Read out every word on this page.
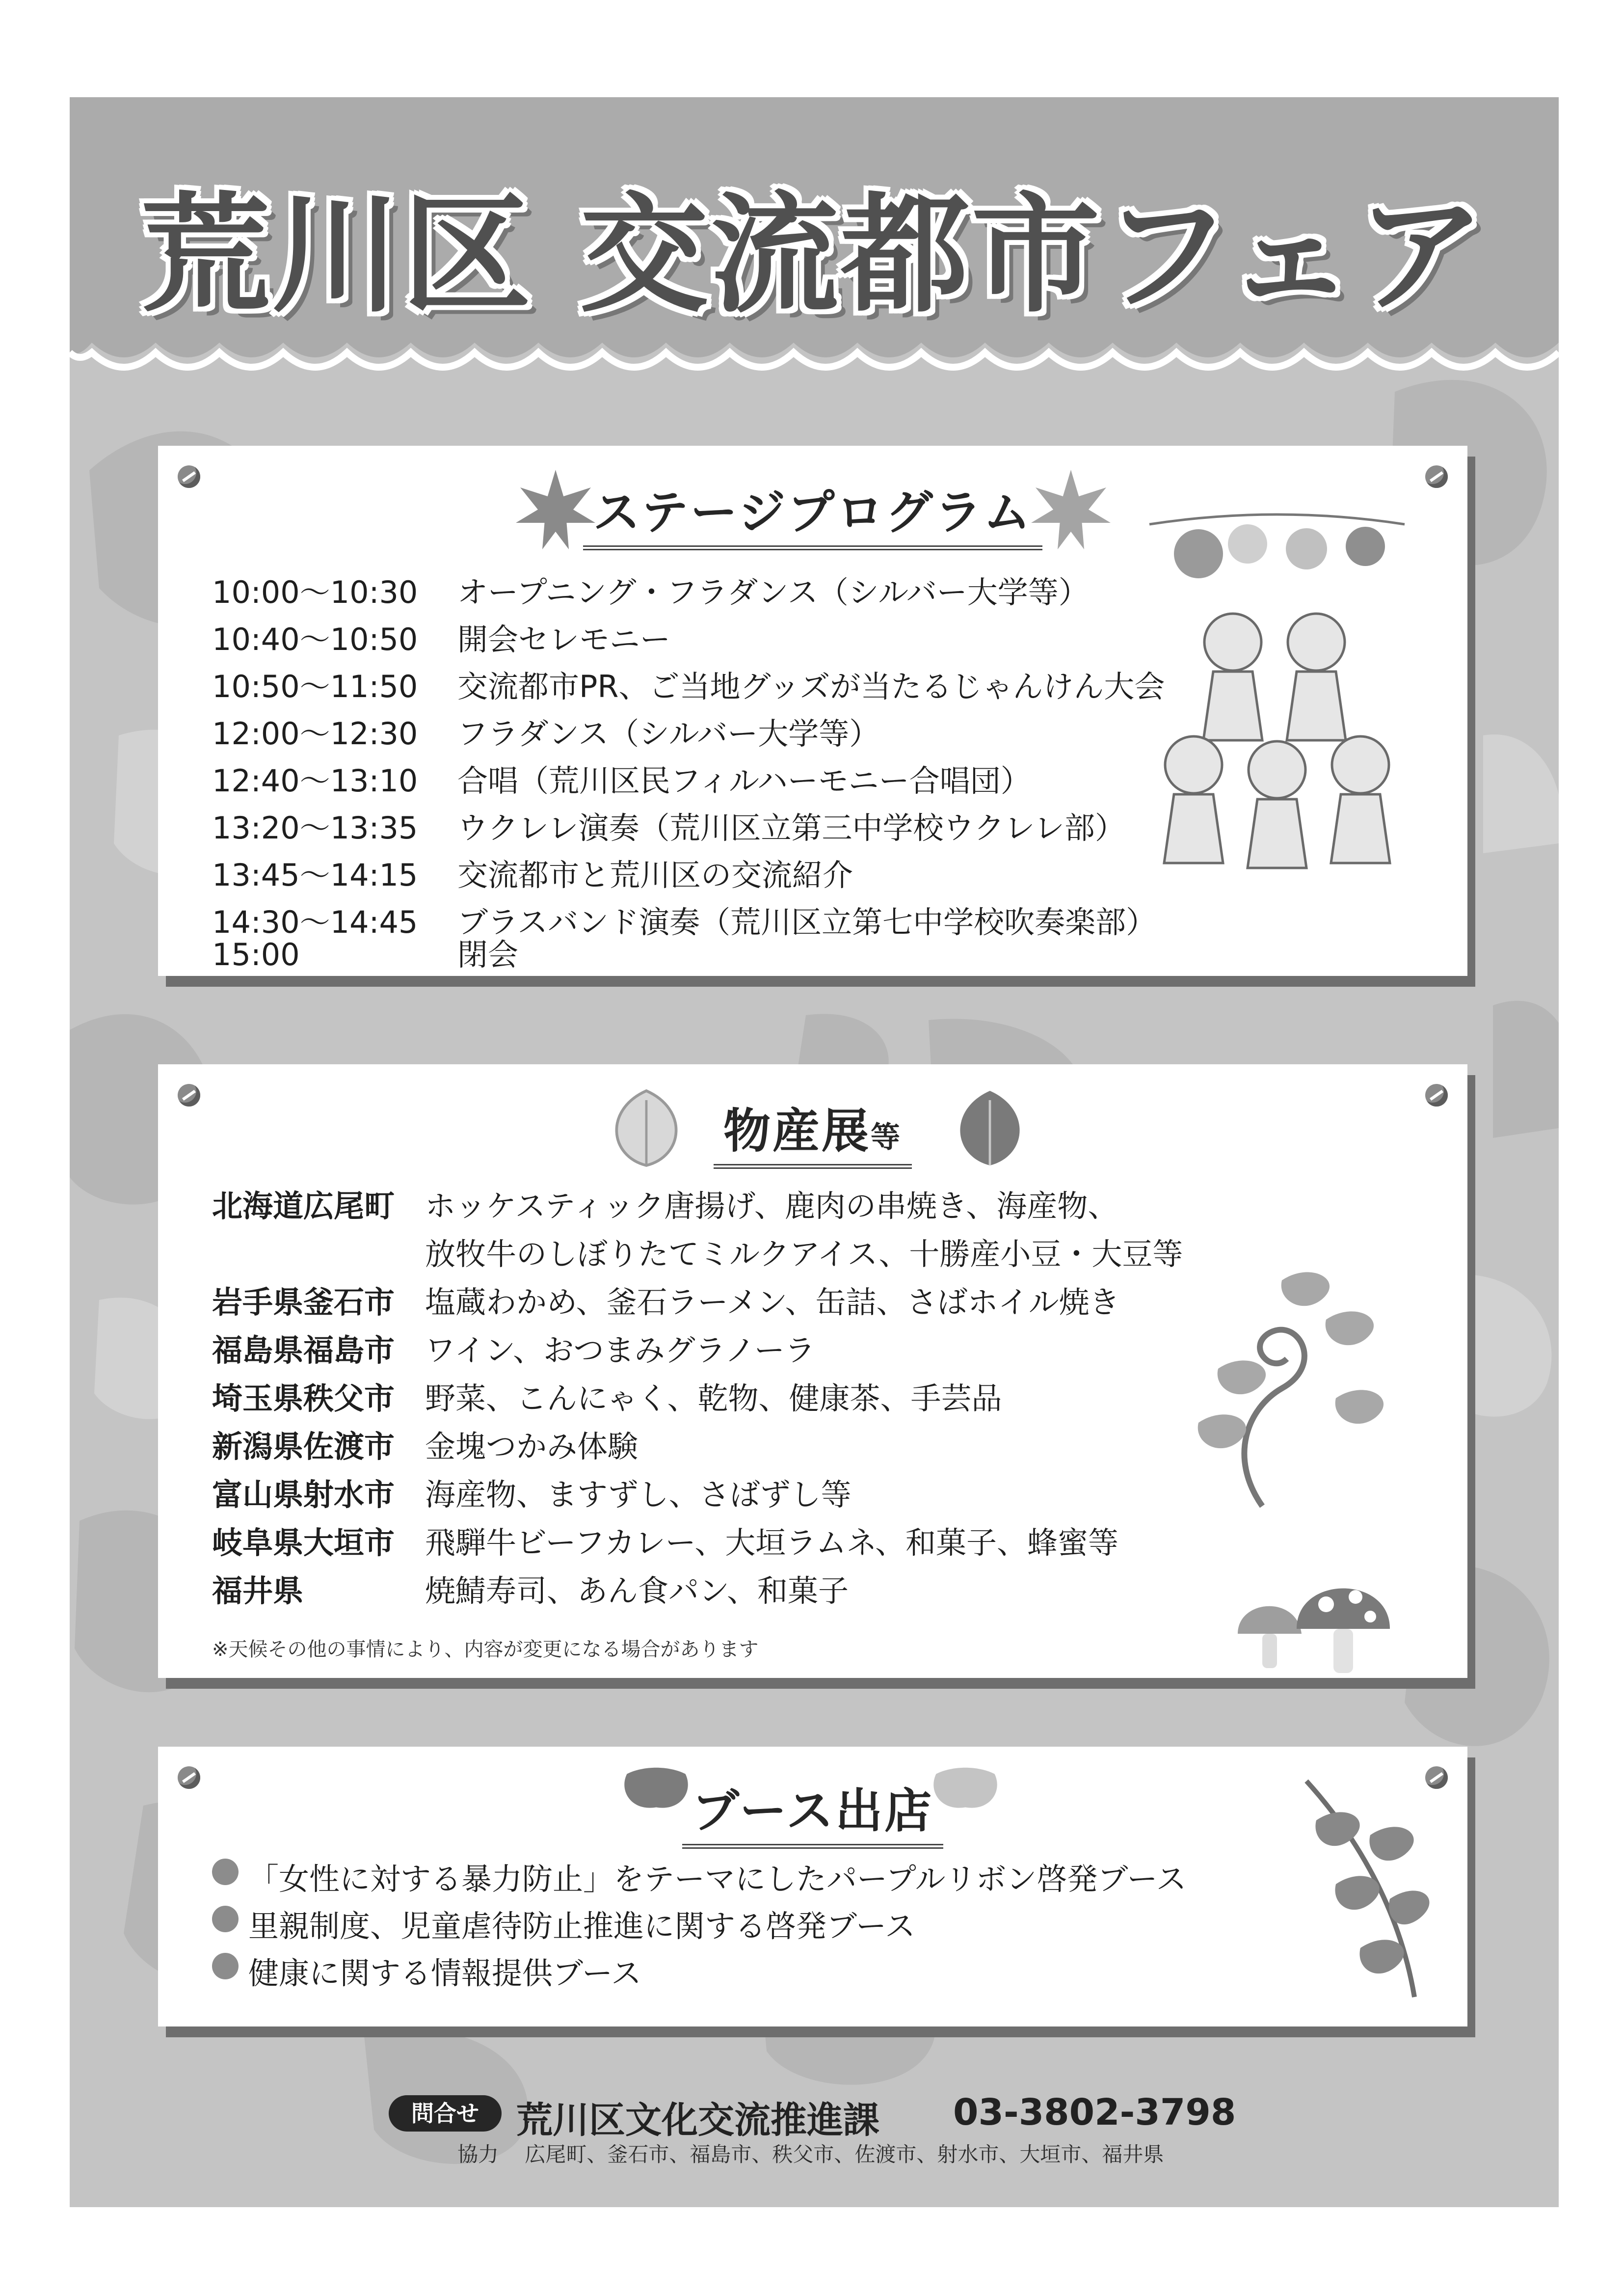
荒川区 交流都市フェア
ステージプログラム
10:00〜10:30 オープニング・フラダンス（シルバー大学等）
10:40〜10:50 開会セレモニー
10:50〜11:50 交流都市PR、ご当地グッズが当たるじゃんけん大会
12:00〜12:30 フラダンス（シルバー大学等）
12:40〜13:10 合唱（荒川区民フィルハーモニー合唱団）
13:20〜13:35 ウクレレ演奏（荒川区立第三中学校ウクレレ部）
13:45〜14:15 交流都市と荒川区の交流紹介
14:30〜14:45 ブラスバンド演奏（荒川区立第七中学校吹奏楽部）
15:00	閉会
物産展等
北海道広尾町 ホッケスティック唐揚げ、鹿肉の串焼き、海産物、
放牧牛のしぼりたてミルクアイス、十勝産小豆・大豆等
岩手県釜石市 塩蔵わかめ、釜石ラーメン、缶詰、さばホイル焼き
福島県福島市 ワイン、おつまみグラノーラ
埼玉県秩父市 野菜、こんにゃく、乾物、健康茶、手芸品
新潟県佐渡市 金塊つかみ体験
富山県射水市 海産物、ますずし、さばずし等
岐阜県大垣市 飛騨牛ビーフカレー、大垣ラムネ、和菓子、蜂蜜等
福井県	焼鯖寿司、あん食パン、和菓子
※天候その他の事情により、内容が変更になる場合があります
ブース出店
「女性に対する暴力防止」をテーマにしたパープルリボン啓発ブース
里親制度、児童虐待防止推進に関する啓発ブース
健康に関する情報提供ブース
問合せ	荒川区文化交流推進課 03-3802-3798
協力 広尾町、釜石市、福島市、秩父市、佐渡市、射水市、大垣市、福井県
